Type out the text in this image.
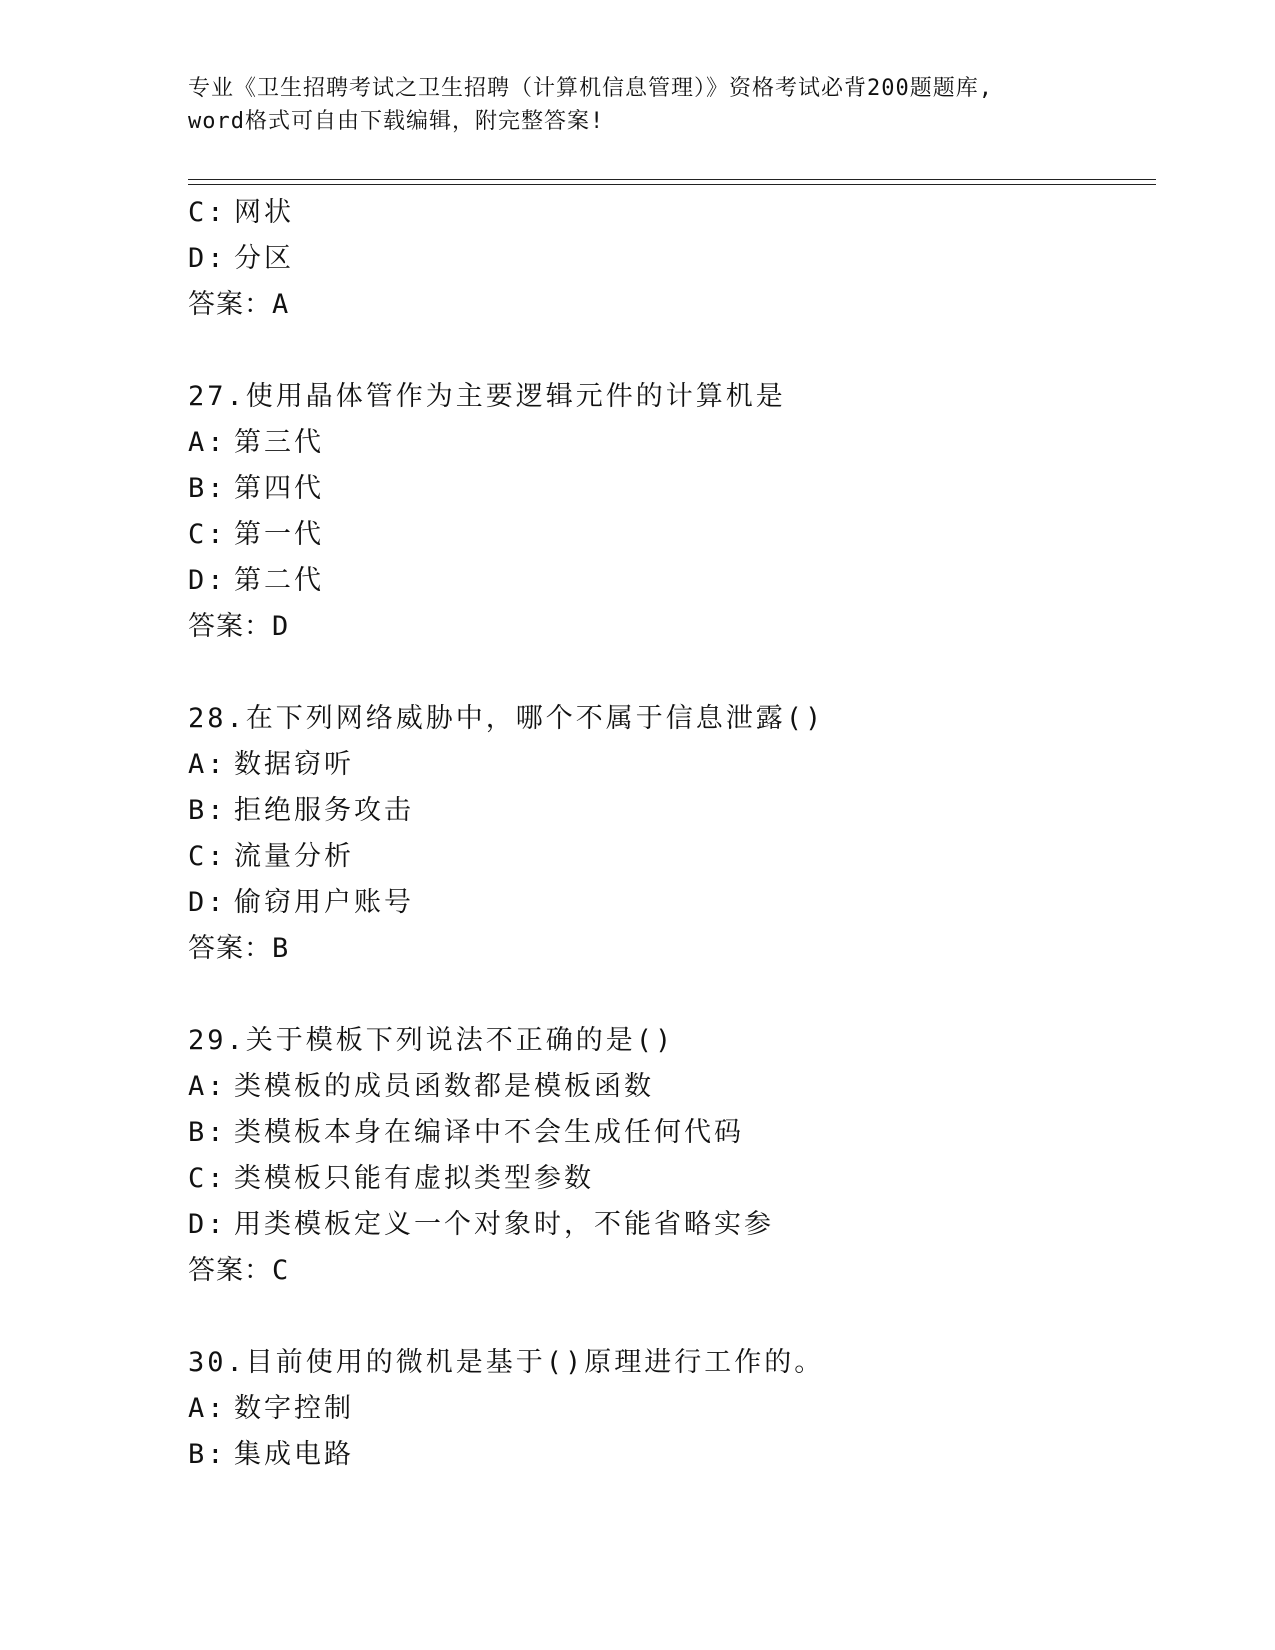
专业《卫生招聘考试之卫生招聘（计算机信息管理）》资格考试必背200题题库,
word格式可自由下载编辑，附完整答案!
C: 网状
D: 分区
答案：A
27.使用晶体管作为主要逻辑元件的计算机是
A: 第三代
B: 第四代
C: 第一代
D: 第二代
答案：D
28.在下列网络威胁中，哪个不属于信息泄露()
A: 数据窃听
B: 拒绝服务攻击
C: 流量分析
D: 偷窃用户账号
答案：B
29.关于模板下列说法不正确的是()
A: 类模板的成员函数都是模板函数
B: 类模板本身在编译中不会生成任何代码
C: 类模板只能有虚拟类型参数
D: 用类模板定义一个对象时，不能省略实参
答案：C
30.目前使用的微机是基于()原理进行工作的。
A: 数字控制
B: 集成电路
